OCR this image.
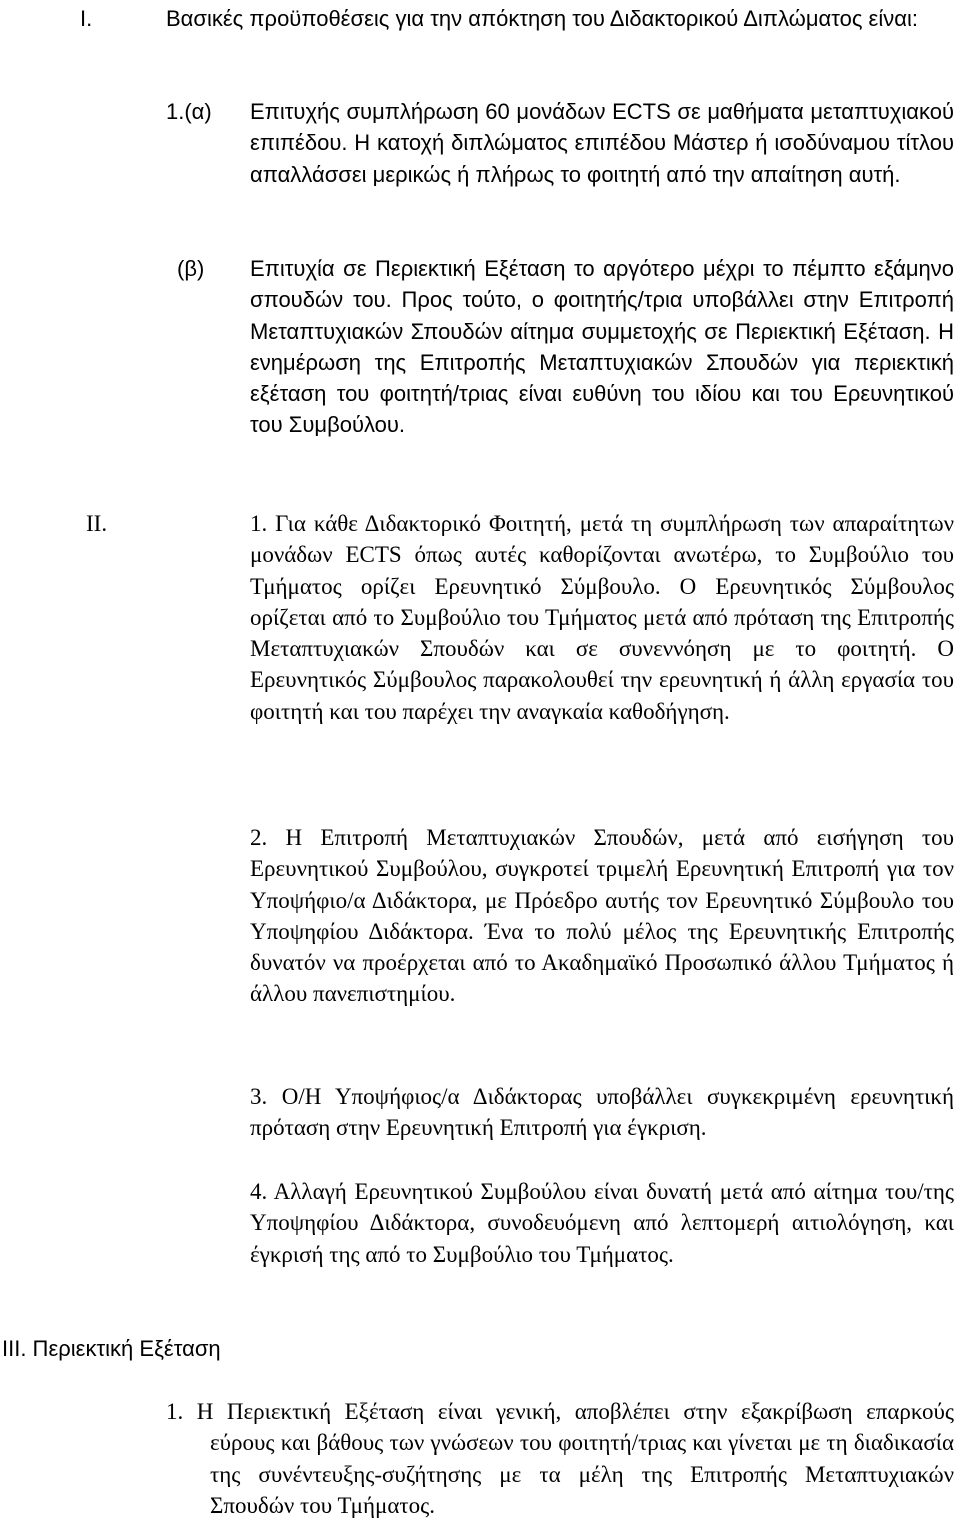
I.	Βασικές προϋποθέσεις για την απόκτηση του Διδακτορικού Διπλώματος είναι:

1.(α) Επιτυχής συμπλήρωση 60 μονάδων ECTS σε μαθήματα μεταπτυχιακού επιπέδου. Η κατοχή διπλώματος επιπέδου Μάστερ ή ισοδύναμου τίτλου απαλλάσσει μερικώς ή πλήρως το φοιτητή από την απαίτηση αυτή.

(β) Επιτυχία σε Περιεκτική Εξέταση το αργότερο μέχρι το πέμπτο εξάμηνο σπουδών του. Προς τούτο, ο φοιτητής/τρια υποβάλλει στην Επιτροπή Μεταπτυχιακών Σπουδών αίτημα συμμετοχής σε Περιεκτική Εξέταση. Η ενημέρωση της Επιτροπής Μεταπτυχιακών Σπουδών για περιεκτική εξέταση του φοιτητή/τριας είναι ευθύνη του ιδίου και του Ερευνητικού του Συμβούλου.

II.	1. Για κάθε Διδακτορικό Φοιτητή, μετά τη συμπλήρωση των απαραίτητων μονάδων ECTS όπως αυτές καθορίζονται ανωτέρω, το Συμβούλιο του Τμήματος ορίζει Ερευνητικό Σύμβουλο. Ο Ερευνητικός Σύμβουλος ορίζεται από το Συμβούλιο του Τμήματος μετά από πρόταση της Επιτροπής Μεταπτυχιακών Σπουδών και σε συνεννόηση με το φοιτητή. Ο Ερευνητικός Σύμβουλος παρακολουθεί την ερευνητική ή άλλη εργασία του φοιτητή και του παρέχει την αναγκαία καθοδήγηση.

2. Η Επιτροπή Μεταπτυχιακών Σπουδών, μετά από εισήγηση του Ερευνητικού Συμβούλου, συγκροτεί τριμελή Ερευνητική Επιτροπή για τον Υποψήφιο/α Διδάκτορα, με Πρόεδρο αυτής τον Ερευνητικό Σύμβουλο του Υποψηφίου Διδάκτορα. Ένα το πολύ μέλος της Ερευνητικής Επιτροπής δυνατόν να προέρχεται από το Ακαδημαϊκό Προσωπικό άλλου Τμήματος ή άλλου πανεπιστημίου.

3. Ο/Η Υποψήφιος/α Διδάκτορας υποβάλλει συγκεκριμένη ερευνητική πρόταση στην Ερευνητική Επιτροπή για έγκριση.

4. Αλλαγή Ερευνητικού Συμβούλου είναι δυνατή μετά από αίτημα του/της Υποψηφίου Διδάκτορα, συνοδευόμενη από λεπτομερή αιτιολόγηση, και έγκρισή της από το Συμβούλιο του Τμήματος.

III. Περιεκτική Εξέταση

1. Η Περιεκτική Εξέταση είναι γενική, αποβλέπει στην εξακρίβωση επαρκούς εύρους και βάθους των γνώσεων του φοιτητή/τριας και γίνεται με τη διαδικασία της συνέντευξης-συζήτησης με τα μέλη της Επιτροπής Μεταπτυχιακών Σπουδών του Τμήματος.
